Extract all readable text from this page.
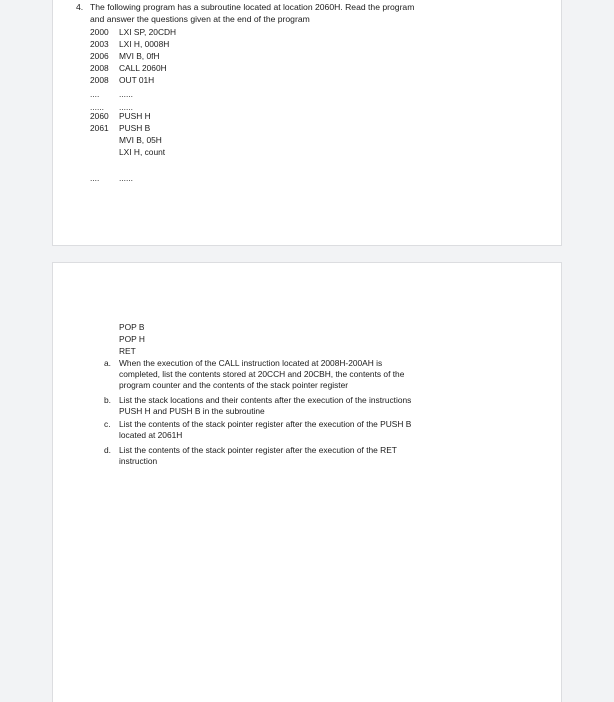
4. The following program has a subroutine located at location 2060H. Read the program
and answer the questions given at the end of the program
2000 LXI SP, 20CDH
2003 LXI H, 0008H
2006 MVI B, 0fH
2008 CALL 2060H
2008 OUT 01H
.... ......
...... ......
2060 PUSH H
2061 PUSH B
MVI B, 05H
LXI H, count
.... ......
POP B
POP H
RET
a. When the execution of the CALL instruction located at 2008H-200AH is
completed, list the contents stored at 20CCH and 20CBH, the contents of the
program counter and the contents of the stack pointer register
b. List the stack locations and their contents after the execution of the instructions
PUSH H and PUSH B in the subroutine
c. List the contents of the stack pointer register after the execution of the PUSH B
located at 2061H
d. List the contents of the stack pointer register after the execution of the RET
instruction
